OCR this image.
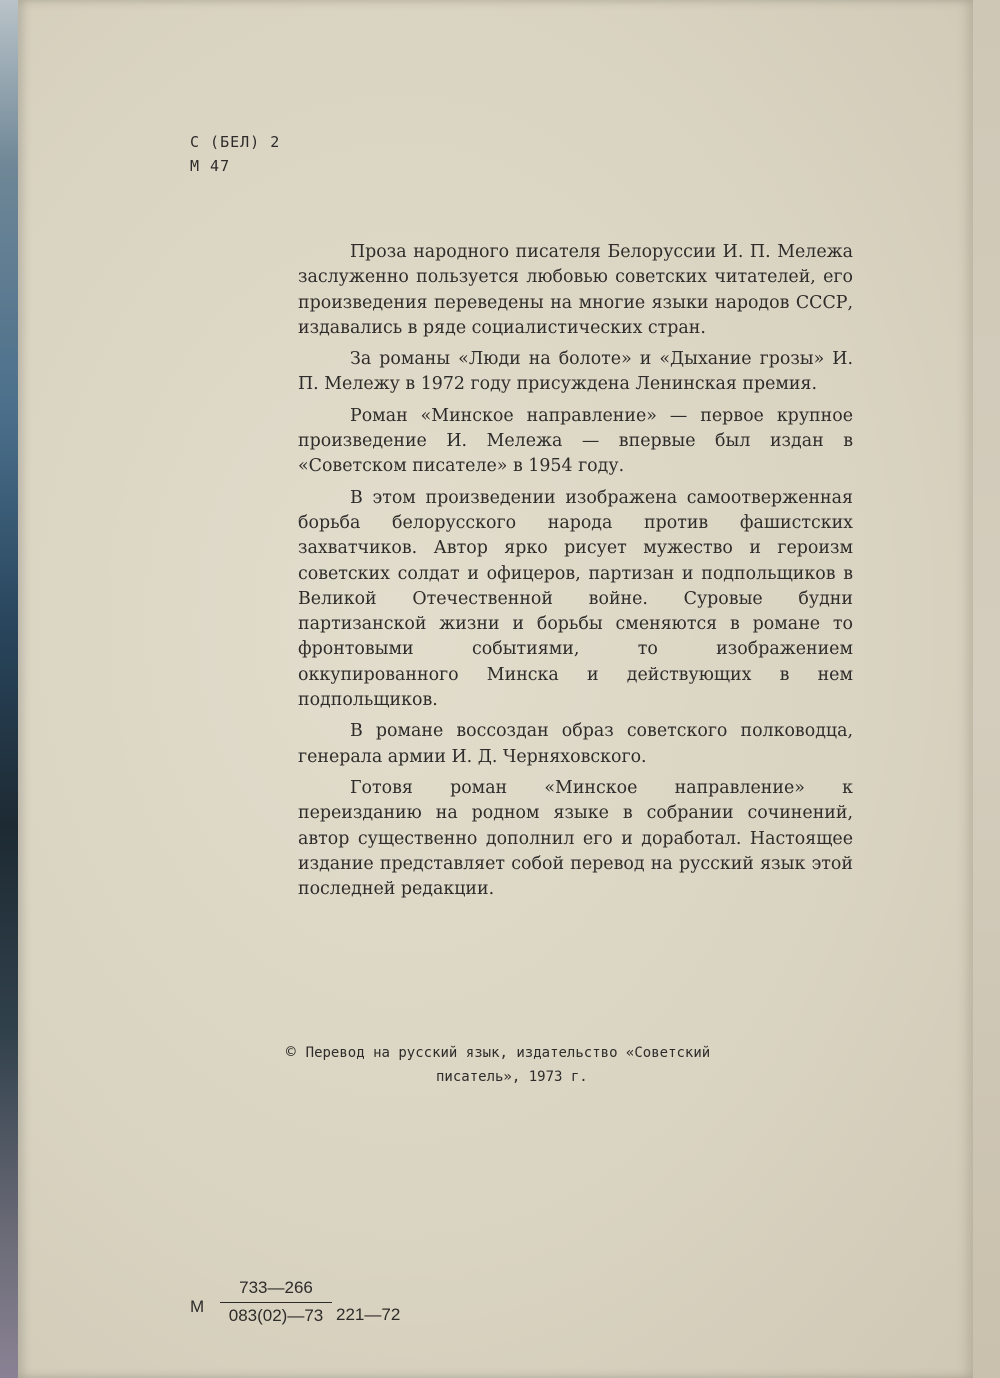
С (БЕЛ) 2
М 47

Проза народного писателя Белоруссии И. П. Мележа заслуженно пользуется любовью советских читателей, его произведения переведены на многие языки народов СССР, издавались в ряде социалистических стран.

За романы «Люди на болоте» и «Дыхание грозы» И. П. Мележу в 1972 году присуждена Ленинская премия.

Роман «Минское направление» — первое крупное произведение И. Мележа — впервые был издан в «Советском писателе» в 1954 году.

В этом произведении изображена самоотверженная борьба белорусского народа против фашистских захватчиков. Автор ярко рисует мужество и героизм советских солдат и офицеров, партизан и подпольщиков в Великой Отечественной войне. Суровые будни партизанской жизни и борьбы сменяются в романе то фронтовыми событиями, то изображением оккупированного Минска и действующих в нем подпольщиков.

В романе воссоздан образ советского полководца, генерала армии И. Д. Черняховского.

Готовя роман «Минское направление» к переизданию на родном языке в собрании сочинений, автор существенно дополнил его и доработал. Настоящее издание представляет собой перевод на русский язык этой последней редакции.

© Перевод на русский язык, издательство «Советский
писатель», 1973 г.
М
733—266
083(02)—73 221—72
